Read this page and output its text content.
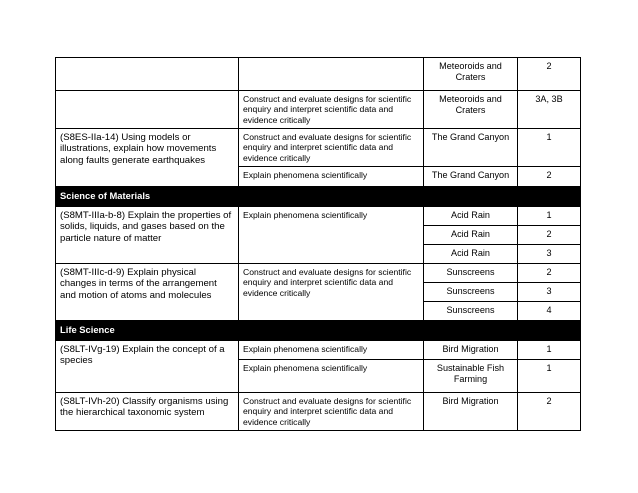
		Meteoroids and Craters	2
	Construct and evaluate designs for scientific enquiry and interpret scientific data and evidence critically	Meteoroids and Craters	3A, 3B
(S8ES-IIa-14) Using models or illustrations, explain how movements along faults generate earthquakes	Construct and evaluate designs for scientific enquiry and interpret scientific data and evidence critically	The Grand Canyon	1
	Explain phenomena scientifically	The Grand Canyon	2
Science of Materials			
(S8MT-IIIa-b-8) Explain the properties of solids, liquids, and gases based on the particle nature of matter	Explain phenomena scientifically	Acid Rain	1
		Acid Rain	2
		Acid Rain	3
(S8MT-IIIc-d-9) Explain physical changes in terms of the arrangement and motion of atoms and molecules	Construct and evaluate designs for scientific enquiry and interpret scientific data and evidence critically	Sunscreens	2
		Sunscreens	3
		Sunscreens	4
Life Science			
(S8LT-IVg-19) Explain the concept of a species	Explain phenomena scientifically	Bird Migration	1
	Explain phenomena scientifically	Sustainable Fish Farming	1
(S8LT-IVh-20) Classify organisms using the hierarchical taxonomic system	Construct and evaluate designs for scientific enquiry and interpret scientific data and evidence critically	Bird Migration	2
